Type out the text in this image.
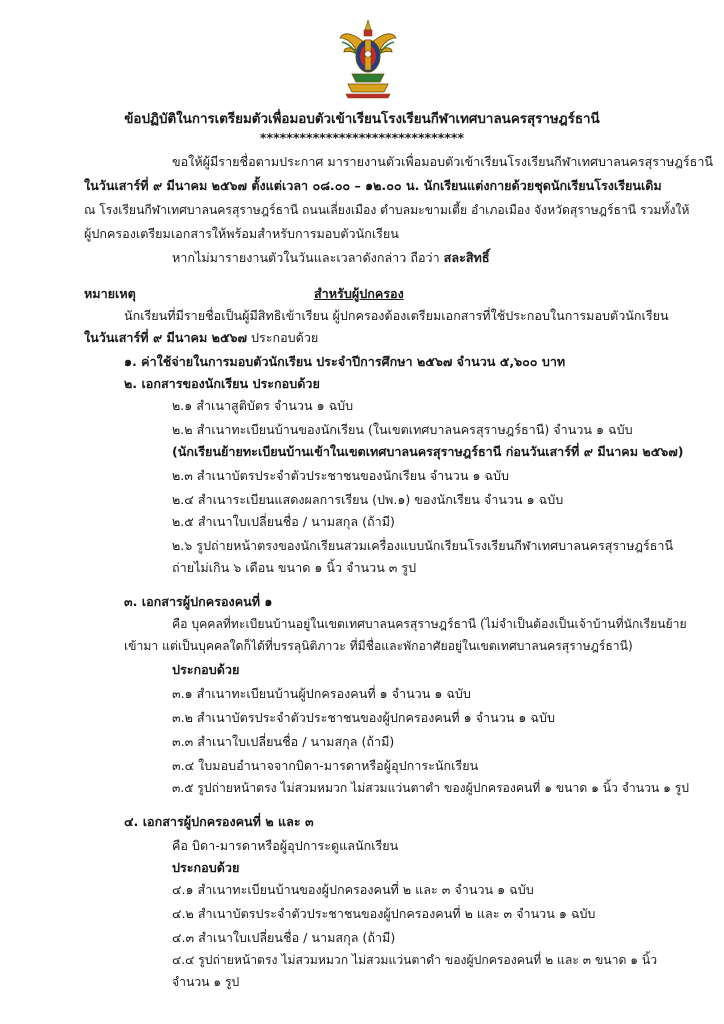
ข้อปฏิบัติในการเตรียมตัวเพื่อมอบตัวเข้าเรียนโรงเรียนกีฬาเทศบาลนครสุราษฎร์ธานี
*******************************
ขอให้ผู้มีรายชื่อตามประกาศ มารายงานตัวเพื่อมอบตัวเข้าเรียนโรงเรียนกีฬาเทศบาลนครสุราษฎร์ธานี
ในวันเสาร์ที่ ๙ มีนาคม ๒๕๖๗ ตั้งแต่เวลา ๐๘.๐๐ – ๑๒.๐๐ น. นักเรียนแต่งกายด้วยชุดนักเรียนโรงเรียนเดิม
ณ โรงเรียนกีฬาเทศบาลนครสุราษฎร์ธานี ถนนเลี่ยงเมือง ตำบลมะขามเตี้ย อำเภอเมือง จังหวัดสุราษฎร์ธานี รวมทั้งให้
ผู้ปกครองเตรียมเอกสารให้พร้อมสำหรับการมอบตัวนักเรียน
หากไม่มารายงานตัวในวันและเวลาดังกล่าว ถือว่า สละสิทธิ์
หมายเหตุ	สำหรับผู้ปกครอง
นักเรียนที่มีรายชื่อเป็นผู้มีสิทธิเข้าเรียน ผู้ปกครองต้องเตรียมเอกสารที่ใช้ประกอบในการมอบตัวนักเรียน
ในวันเสาร์ที่ ๙ มีนาคม ๒๕๖๗ ประกอบด้วย
๑. ค่าใช้จ่ายในการมอบตัวนักเรียน ประจำปีการศึกษา ๒๕๖๗ จำนวน ๕,๖๐๐ บาท
๒. เอกสารของนักเรียน ประกอบด้วย
๒.๑ สำเนาสูติบัตร จำนวน ๑ ฉบับ
๒.๒ สำเนาทะเบียนบ้านของนักเรียน (ในเขตเทศบาลนครสุราษฎร์ธานี) จำนวน ๑ ฉบับ
(นักเรียนย้ายทะเบียนบ้านเข้าในเขตเทศบาลนครสุราษฎร์ธานี ก่อนวันเสาร์ที่ ๙ มีนาคม ๒๕๖๗)
๒.๓ สำเนาบัตรประจำตัวประชาชนของนักเรียน จำนวน ๑ ฉบับ
๒.๔ สำเนาระเบียนแสดงผลการเรียน (ปพ.๑) ของนักเรียน จำนวน ๑ ฉบับ
๒.๕ สำเนาใบเปลี่ยนชื่อ / นามสกุล (ถ้ามี)
๒.๖ รูปถ่ายหน้าตรงของนักเรียนสวมเครื่องแบบนักเรียนโรงเรียนกีฬาเทศบาลนครสุราษฎร์ธานี
ถ่ายไม่เกิน ๖ เดือน ขนาด ๑ นิ้ว จำนวน ๓ รูป
๓. เอกสารผู้ปกครองคนที่ ๑
คือ บุคคลที่ทะเบียนบ้านอยู่ในเขตเทศบาลนครสุราษฎร์ธานี (ไม่จำเป็นต้องเป็นเจ้าบ้านที่นักเรียนย้าย
เข้ามา แต่เป็นบุคคลใดก็ได้ที่บรรลุนิติภาวะ ที่มีชื่อและพักอาศัยอยู่ในเขตเทศบาลนครสุราษฎร์ธานี)
ประกอบด้วย
๓.๑ สำเนาทะเบียนบ้านผู้ปกครองคนที่ ๑ จำนวน ๑ ฉบับ
๓.๒ สำเนาบัตรประจำตัวประชาชนของผู้ปกครองคนที่ ๑ จำนวน ๑ ฉบับ
๓.๓ สำเนาใบเปลี่ยนชื่อ / นามสกุล (ถ้ามี)
๓.๔ ใบมอบอำนาจจากบิดา-มารดาหรือผู้อุปการะนักเรียน
๓.๕ รูปถ่ายหน้าตรง ไม่สวมหมวก ไม่สวมแว่นตาดำ ของผู้ปกครองคนที่ ๑ ขนาด ๑ นิ้ว จำนวน ๑ รูป
๔. เอกสารผู้ปกครองคนที่ ๒ และ ๓
คือ บิดา-มารดาหรือผู้อุปการะดูแลนักเรียน
ประกอบด้วย
๔.๑ สำเนาทะเบียนบ้านของผู้ปกครองคนที่ ๒ และ ๓ จำนวน ๑ ฉบับ
๔.๒ สำเนาบัตรประจำตัวประชาชนของผู้ปกครองคนที่ ๒ และ ๓ จำนวน ๑ ฉบับ
๔.๓ สำเนาใบเปลี่ยนชื่อ / นามสกุล (ถ้ามี)
๔.๔ รูปถ่ายหน้าตรง ไม่สวมหมวก ไม่สวมแว่นตาดำ ของผู้ปกครองคนที่ ๒ และ ๓ ขนาด ๑ นิ้ว
จำนวน ๑ รูป
